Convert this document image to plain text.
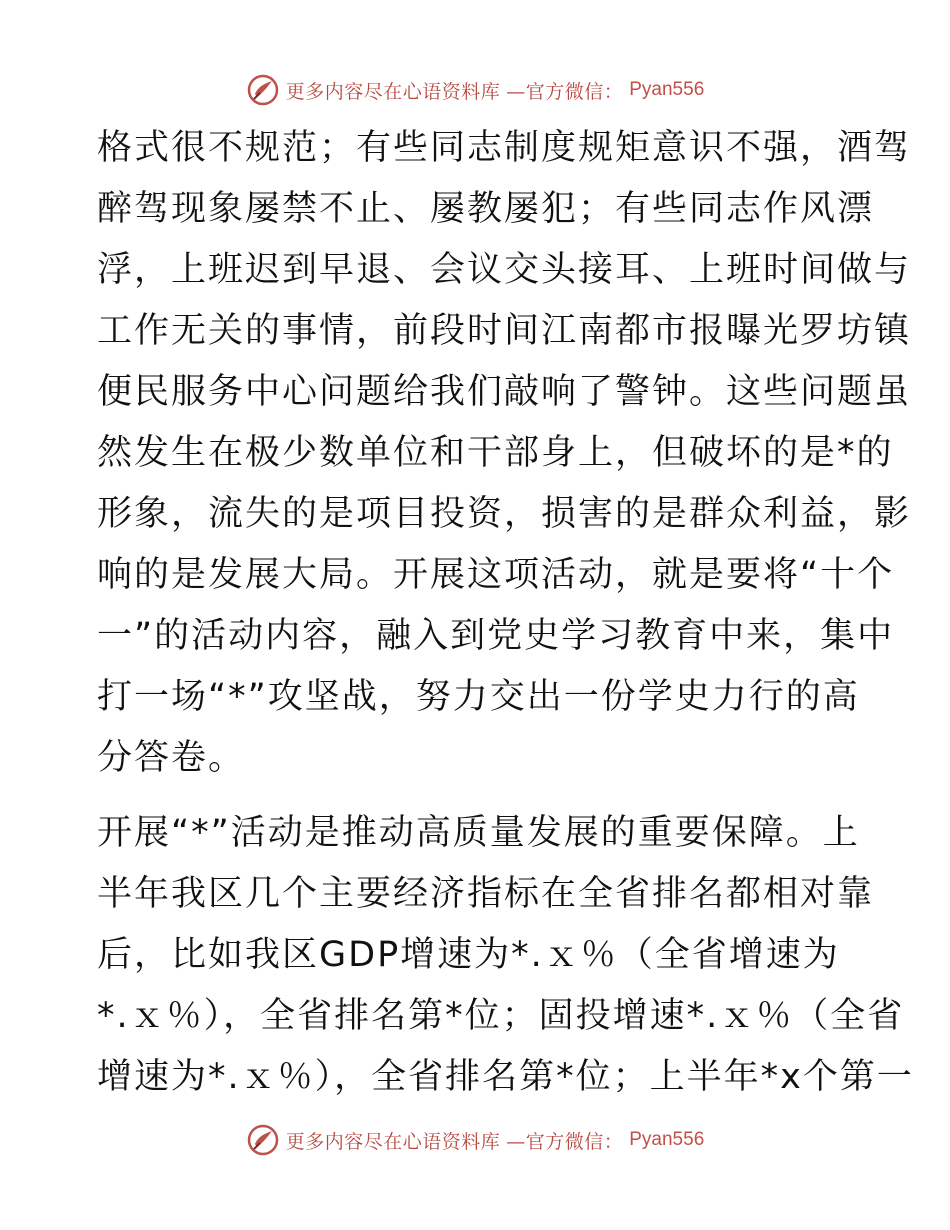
更多内容尽在心语资料库 —官方微信： Pyan556
格式很不规范；有些同志制度规矩意识不强，酒驾
醉驾现象屡禁不止、屡教屡犯；有些同志作风漂
浮，上班迟到早退、会议交头接耳、上班时间做与
工作无关的事情，前段时间江南都市报曝光罗坊镇
便民服务中心问题给我们敲响了警钟。这些问题虽
然发生在极少数单位和干部身上，但破坏的是*的
形象，流失的是项目投资，损害的是群众利益，影
响的是发展大局。开展这项活动，就是要将“十个
一”的活动内容，融入到党史学习教育中来，集中
打一场“*”攻坚战，努力交出一份学史力行的高
分答卷。
开展“*”活动是推动高质量发展的重要保障。上
半年我区几个主要经济指标在全省排名都相对靠
后，比如我区GDP增速为*.ｘ％（全省增速为
*.ｘ％），全省排名第*位；固投增速*.ｘ％（全省
增速为*.ｘ％），全省排名第*位；上半年*x个第一
更多内容尽在心语资料库 —官方微信： Pyan556
